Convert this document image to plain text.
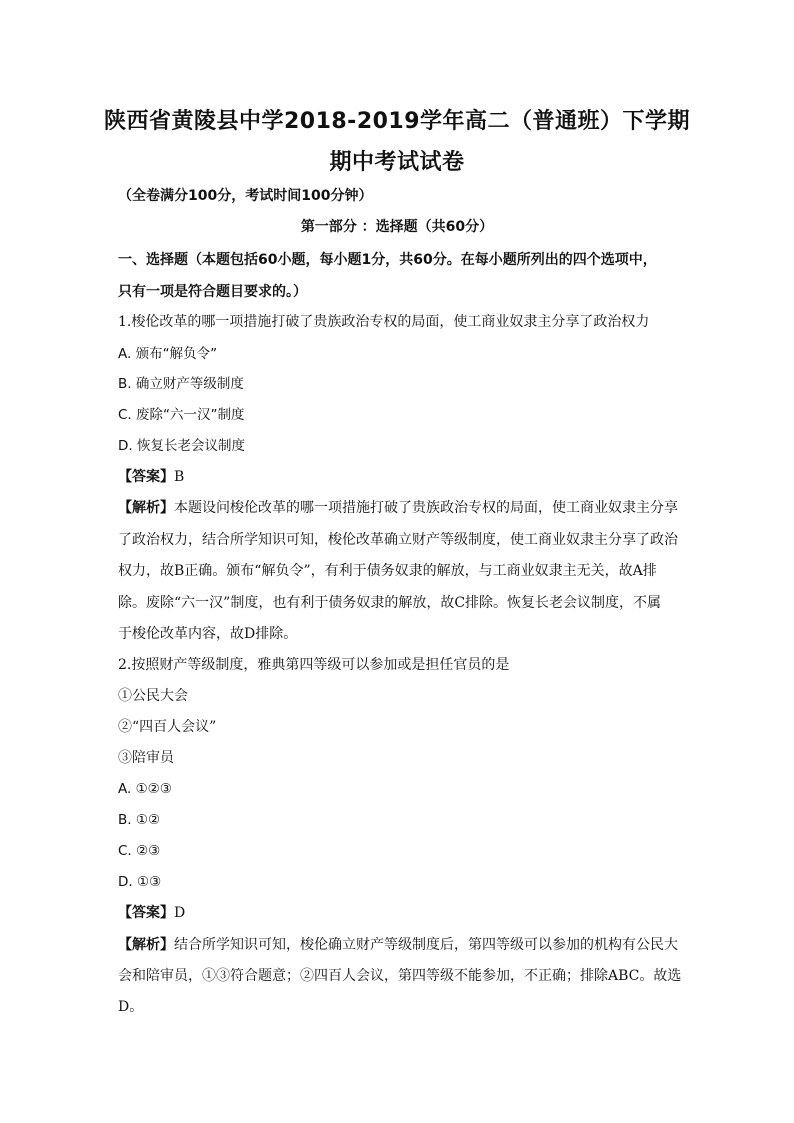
陕西省黄陵县中学2018-2019学年高二（普通班）下学期
期中考试试卷
（全卷满分100分，考试时间100分钟）
第一部分 ：选择题（共60分）
一、选择题（本题包括60小题，每小题1分，共60分。在每小题所列出的四个选项中，
只有一项是符合题目要求的。）
1.梭伦改革的哪一项措施打破了贵族政治专权的局面，使工商业奴隶主分享了政治权力
A. 颁布“解负令”
B. 确立财产等级制度
C. 废除“六一汉”制度
D. 恢复长老会议制度
【答案】B
【解析】本题设问梭伦改革的哪一项措施打破了贵族政治专权的局面，使工商业奴隶主分享
了政治权力，结合所学知识可知，梭伦改革确立财产等级制度，使工商业奴隶主分享了政治
权力，故B正确。颁布“解负令”，有利于债务奴隶的解放，与工商业奴隶主无关，故A排
除。废除“六一汉”制度，也有利于债务奴隶的解放，故C排除。恢复长老会议制度，不属
于梭伦改革内容，故D排除。
2.按照财产等级制度，雅典第四等级可以参加或是担任官员的是
①公民大会
②“四百人会议”
③陪审员
A. ①②③
B. ①②
C. ②③
D. ①③
【答案】D
【解析】结合所学知识可知，梭伦确立财产等级制度后，第四等级可以参加的机构有公民大
会和陪审员，①③符合题意；②四百人会议，第四等级不能参加，不正确；排除ABC。故选
D。
